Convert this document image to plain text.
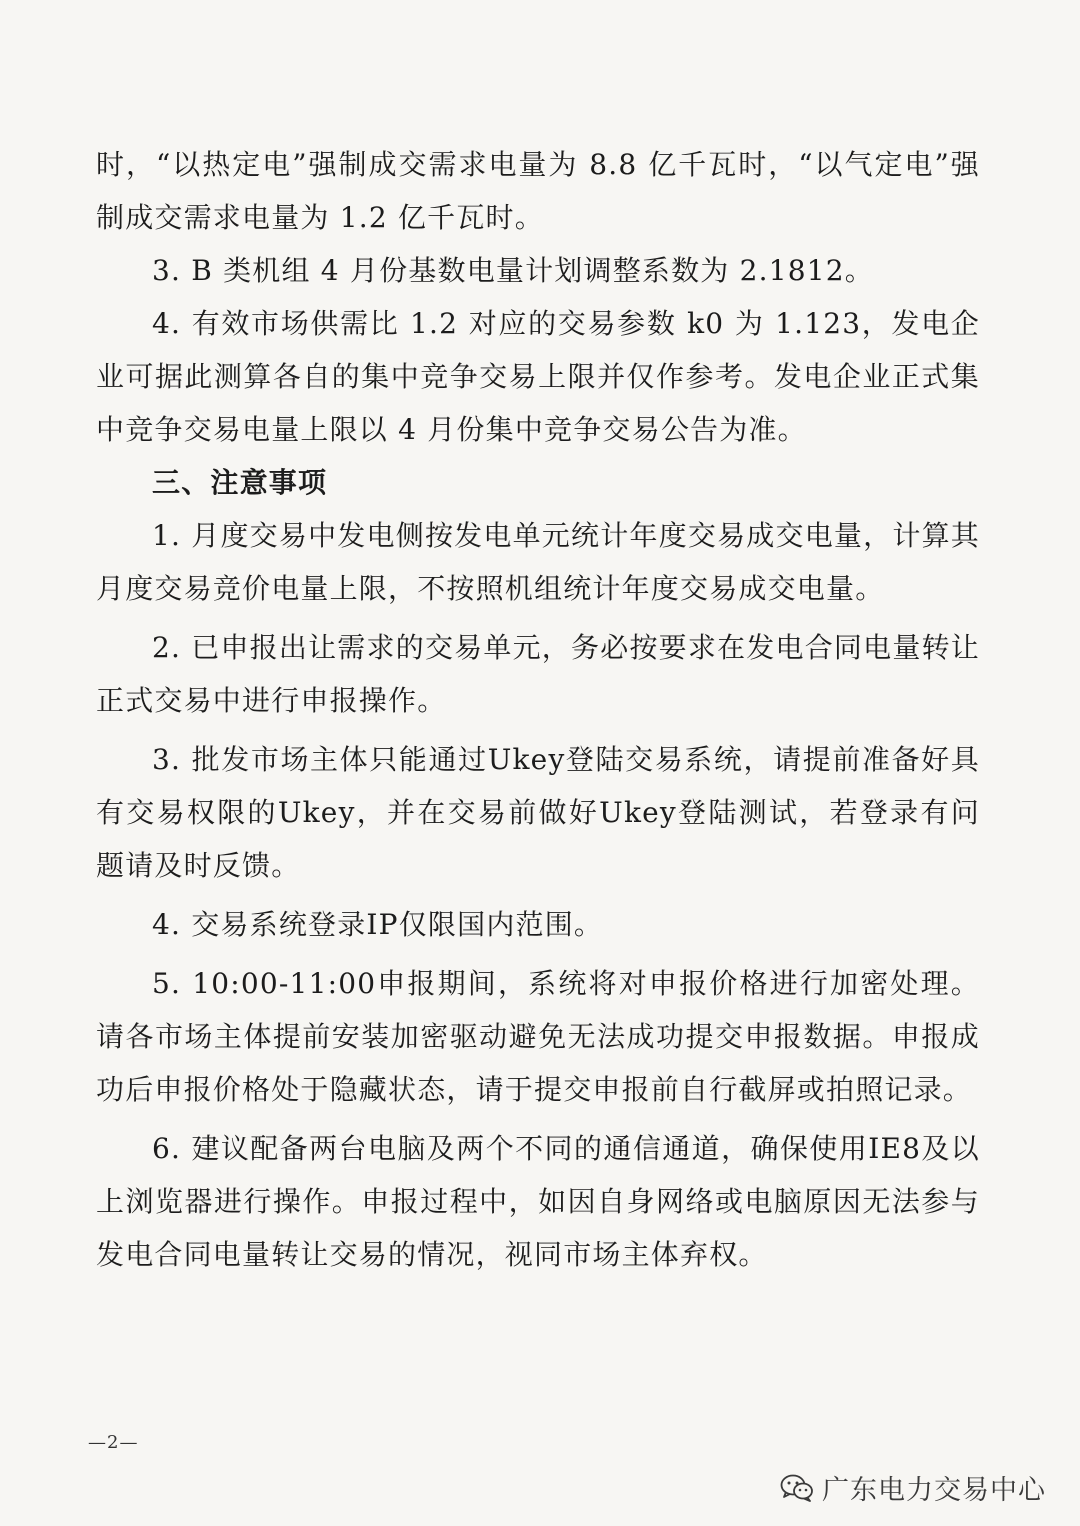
时，“以热定电”强制成交需求电量为 8.8 亿千瓦时，“以气定电”强制成交需求电量为 1.2 亿千瓦时。

3. B 类机组 4 月份基数电量计划调整系数为 2.1812。

4. 有效市场供需比 1.2 对应的交易参数 k0 为 1.123，发电企业可据此测算各自的集中竞争交易上限并仅作参考。发电企业正式集中竞争交易电量上限以 4 月份集中竞争交易公告为准。

三、注意事项

1. 月度交易中发电侧按发电单元统计年度交易成交电量，计算其月度交易竞价电量上限，不按照机组统计年度交易成交电量。

2. 已申报出让需求的交易单元，务必按要求在发电合同电量转让正式交易中进行申报操作。

3. 批发市场主体只能通过Ukey登陆交易系统，请提前准备好具有交易权限的Ukey，并在交易前做好Ukey登陆测试，若登录有问题请及时反馈。

4. 交易系统登录IP仅限国内范围。

5. 10:00-11:00申报期间，系统将对申报价格进行加密处理。请各市场主体提前安装加密驱动避免无法成功提交申报数据。申报成功后申报价格处于隐藏状态，请于提交申报前自行截屏或拍照记录。

6. 建议配备两台电脑及两个不同的通信通道，确保使用IE8及以上浏览器进行操作。申报过程中，如因自身网络或电脑原因无法参与发电合同电量转让交易的情况，视同市场主体弃权。

—2—
广东电力交易中心
